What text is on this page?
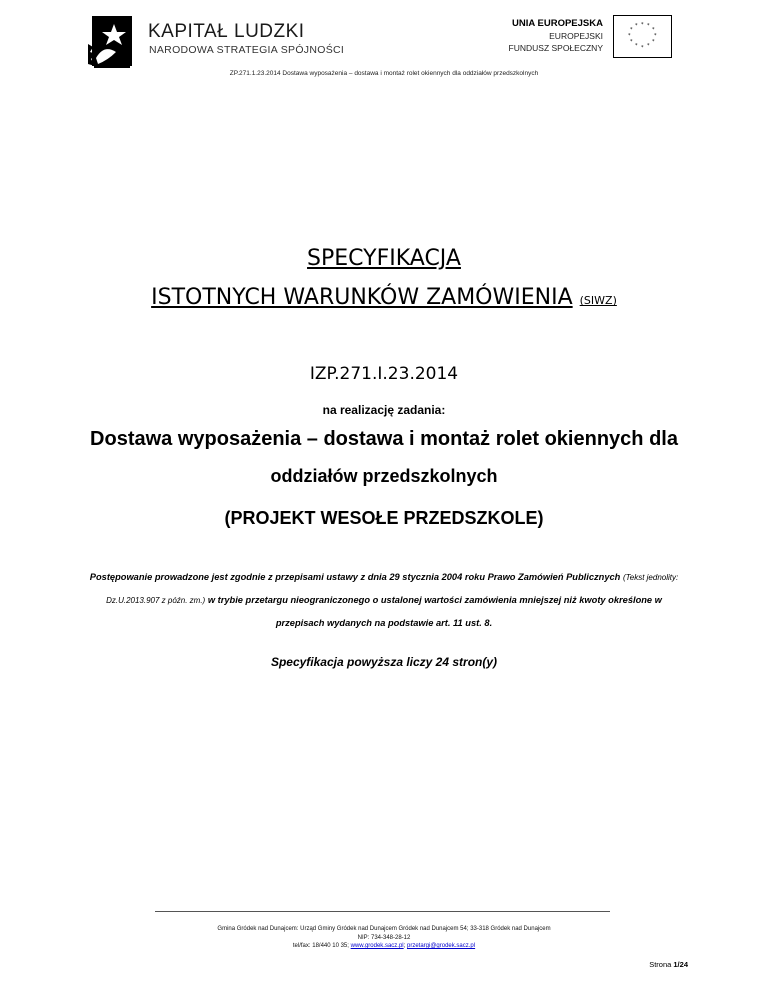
KAPITAŁ LUDZKI
NARODOWA STRATEGIA SPÓJNOŚCI
UNIA EUROPEJSKA
EUROPEJSKI
FUNDUSZ SPOŁECZNY
* *
*
*
*
*
*
*
*
*
*
*
ZP.271.1.23.2014 Dostawa wyposażenia – dostawa i montaż rolet okiennych dla oddziałów przedszkolnych
SPECYFIKACJA
ISTOTNYCH WARUNKÓW ZAMÓWIENIA (SIWZ)
IZP.271.I.23.2014
na realizację zadania:
Dostawa wyposażenia – dostawa i montaż rolet okiennych dla
oddziałów przedszkolnych
(PROJEKT WESOŁE PRZEDSZKOLE)
Postępowanie prowadzone jest zgodnie z przepisami ustawy z dnia 29 stycznia 2004 roku Prawo Zamówień Publicznych (Tekst jednolity: Dz.U.2013.907 z późn. zm.) w trybie przetargu nieograniczonego o ustalonej wartości zamówienia mniejszej niż kwoty określone w przepisach wydanych na podstawie art. 11 ust. 8.
Specyfikacja powyższa liczy 24 stron(y)
Gmina Gródek nad Dunajcem: Urząd Gminy Gródek nad Dunajcem Gródek nad Dunajcem 54; 33-318 Gródek nad Dunajcem
NIP: 734-348-28-12
tel/fax: 18/440 10 35; www.grodek.sacz.pl; przetargi@grodek.sacz.pl
Strona 1/24
